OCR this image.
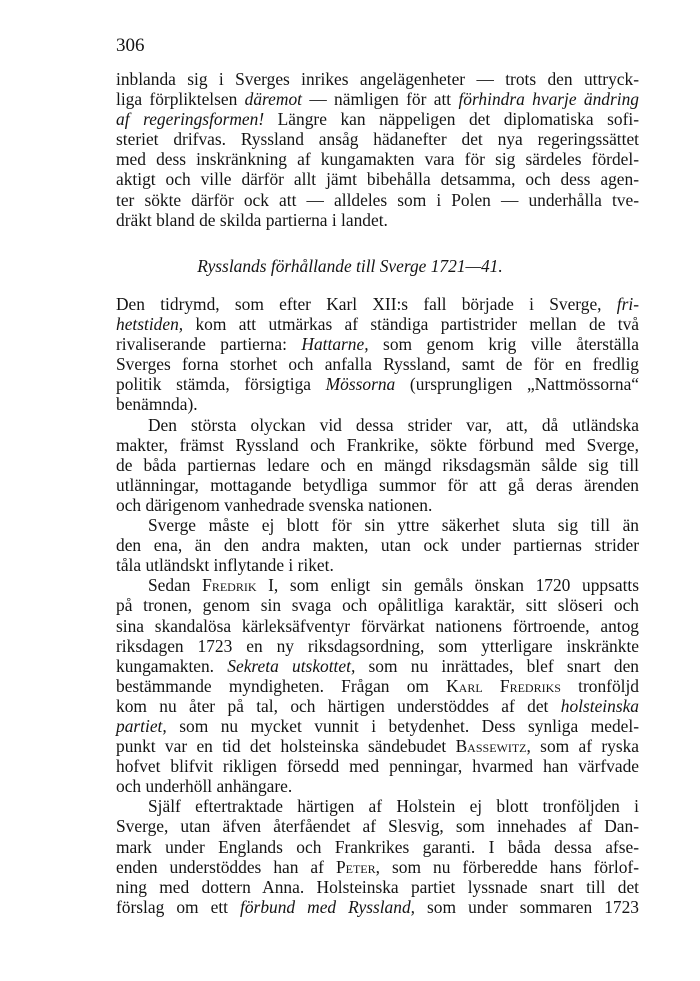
306
inblanda sig i Sverges inrikes angelägenheter — trots den uttryck-
liga förpliktelsen däremot — nämligen för att förhindra hvarje ändring
af regeringsformen! Längre kan näppeligen det diplomatiska sofi-
steriet drifvas. Ryssland ansåg hädanefter det nya regeringssättet
med dess inskränkning af kungamakten vara för sig särdeles fördel-
aktigt och ville därför allt jämt bibehålla detsamma, och dess agen-
ter sökte därför ock att — alldeles som i Polen — underhålla tve-
dräkt bland de skilda partierna i landet.
Rysslands förhållande till Sverge 1721—41.
Den tidrymd, som efter Karl XII:s fall började i Sverge, fri-
hetstiden, kom att utmärkas af ständiga partistrider mellan de två
rivaliserande partierna: Hattarne, som genom krig ville återställa
Sverges forna storhet och anfalla Ryssland, samt de för en fredlig
politik stämda, försigtiga Mössorna (ursprungligen „Nattmössorna“
benämnda).
Den största olyckan vid dessa strider var, att, då utländska
makter, främst Ryssland och Frankrike, sökte förbund med Sverge,
de båda partiernas ledare och en mängd riksdagsmän sålde sig till
utlänningar, mottagande betydliga summor för att gå deras ärenden
och därigenom vanhedrade svenska nationen.
Sverge måste ej blott för sin yttre säkerhet sluta sig till än
den ena, än den andra makten, utan ock under partiernas strider
tåla utländskt inflytande i riket.
Sedan Fredrik I, som enligt sin gemåls önskan 1720 uppsatts
på tronen, genom sin svaga och opålitliga karaktär, sitt slöseri och
sina skandalösa kärleksäfventyr förvärkat nationens förtroende, antog
riksdagen 1723 en ny riksdagsordning, som ytterligare inskränkte
kungamakten. Sekreta utskottet, som nu inrättades, blef snart den
bestämmande myndigheten. Frågan om Karl Fredriks tronföljd
kom nu åter på tal, och härtigen understöddes af det holsteinska
partiet, som nu mycket vunnit i betydenhet. Dess synliga medel-
punkt var en tid det holsteinska sändebudet Bassewitz, som af ryska
hofvet blifvit rikligen försedd med penningar, hvarmed han värfvade
och underhöll anhängare.
Själf eftertraktade härtigen af Holstein ej blott tronföljden i
Sverge, utan äfven återfåendet af Slesvig, som innehades af Dan-
mark under Englands och Frankrikes garanti. I båda dessa afse-
enden understöddes han af Peter, som nu förberedde hans förlof-
ning med dottern Anna. Holsteinska partiet lyssnade snart till det
förslag om ett förbund med Ryssland, som under sommaren 1723
